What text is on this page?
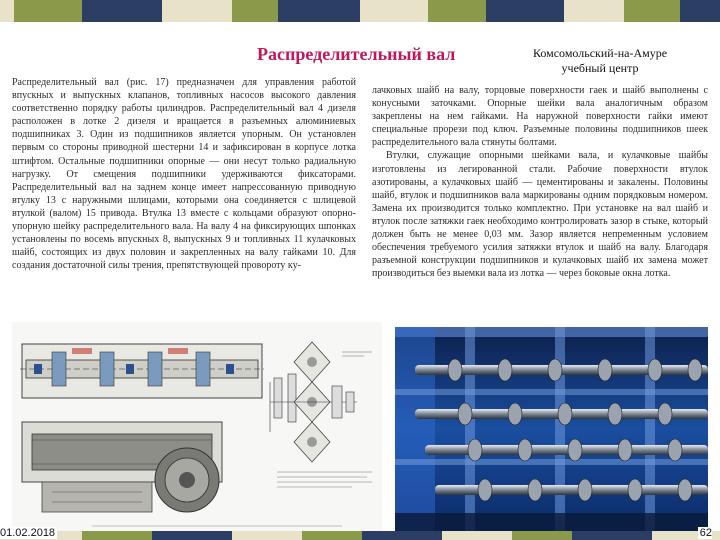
Распределительный вал	Комсомольский-на-Амуре
учебный центр

Распределительный вал (рис. 17) предназначен для управления работой впускных и выпускных клапанов, топливных насосов высокого давления соответственно порядку работы цилиндров. Распределительный вал 4 дизеля расположен в лотке 2 дизеля и вращается в разъемных алюминиевых подшипниках 3. Один из подшипников является упорным. Он установлен первым со стороны приводной шестерни 14 и зафиксирован в корпусе лотка штифтом. Остальные подшипники опорные — они несут только радиальную нагрузку. От смещения подшипники удерживаются фиксаторами. Распределительный вал на заднем конце имеет напрессованную приводную втулку 13 с наружными шлицами, которыми она соединяется с шлицевой втулкой (валом) 15 привода. Втулка 13 вместе с кольцами образуют опорно-упорную шейку распределительного вала. На валу 4 на фиксирующих шпонках установлены по восемь впускных 8, выпускных 9 и топливных 11 кулачковых шайб, состоящих из двух половин и закрепленных на валу гайками 10. Для создания достаточной силы трения, препятствующей провороту ку-

лачковых шайб на валу, торцовые поверхности гаек и шайб выполнены с конусными заточками. Опорные шейки вала аналогичным образом закреплены на нем гайками. На наружной поверхности гайки имеют специальные прорези под ключ. Разъемные половины подшипников шеек распределительного вала стянуты болтами.

Втулки, служащие опорными шейками вала, и кулачковые шайбы изготовлены из легированной стали. Рабочие поверхности втулок азотированы, а кулачковых шайб — цементированы и закалены. Половины шайб, втулок и подшипников вала маркированы одним порядковым номером. Замена их производится только комплектно. При установке на вал шайб и втулок после затяжки гаек необходимо контролировать зазор в стыке, который должен быть не менее 0,03 мм. Зазор является непременным условием обеспечения требуемого усилия затяжки втулок и шайб на валу. Благодаря разъемной конструкции подшипников и кулачковых шайб их замена может производиться без выемки вала из лотка — через боковые окна лотка.

01.02.2018	62
